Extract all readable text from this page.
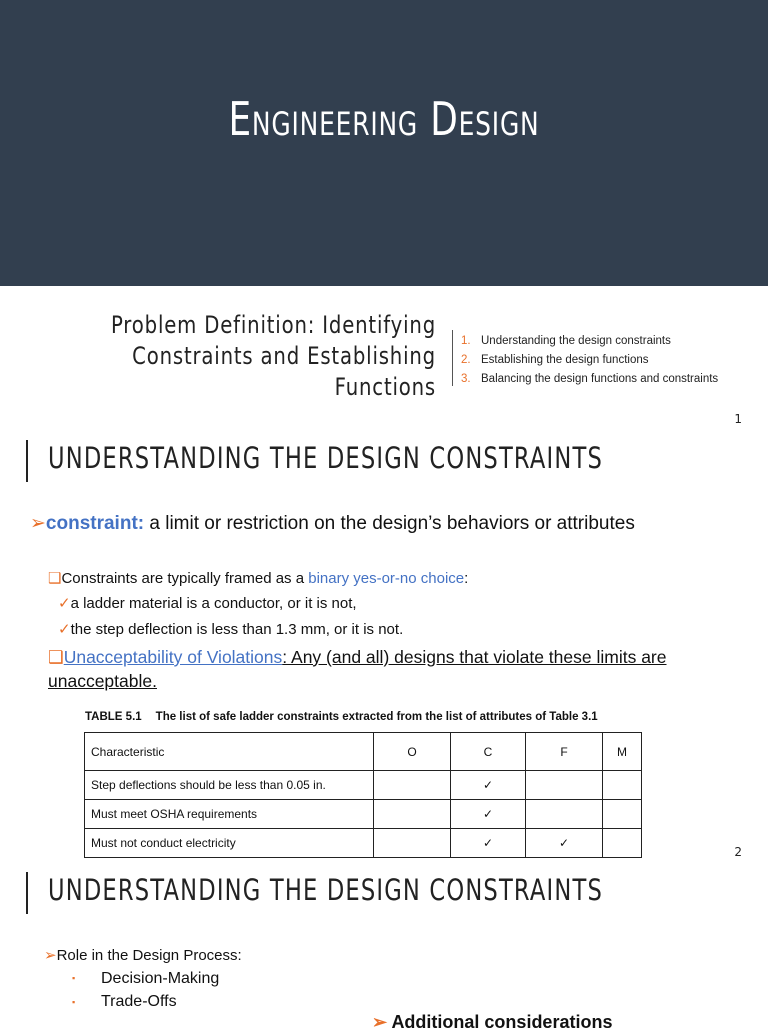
Engineering Design
Problem Definition: Identifying
Constraints and Establishing
Functions
1. Understanding the design constraints
2. Establishing the design functions
3. Balancing the design functions and constraints
1
UNDERSTANDING THE DESIGN CONSTRAINTS
➢constraint: a limit or restriction on the design’s behaviors or attributes
❑Constraints are typically framed as a binary yes-or-no choice:
✓a ladder material is a conductor, or it is not,
✓the step deflection is less than 1.3 mm, or it is not.
❑Unacceptability of Violations: Any (and all) designs that violate these limits are unacceptable.
TABLE 5.1 The list of safe ladder constraints extracted from the list of attributes of Table 3.1
Characteristic	O	C	F	M
Step deflections should be less than 0.05 in.		✓		
Must meet OSHA requirements		✓		
Must not conduct electricity		✓	✓	
2
UNDERSTANDING THE DESIGN CONSTRAINTS
➢Role in the Design Process:
▪ Decision-Making
▪ Trade-Offs
➢ Additional considerations
